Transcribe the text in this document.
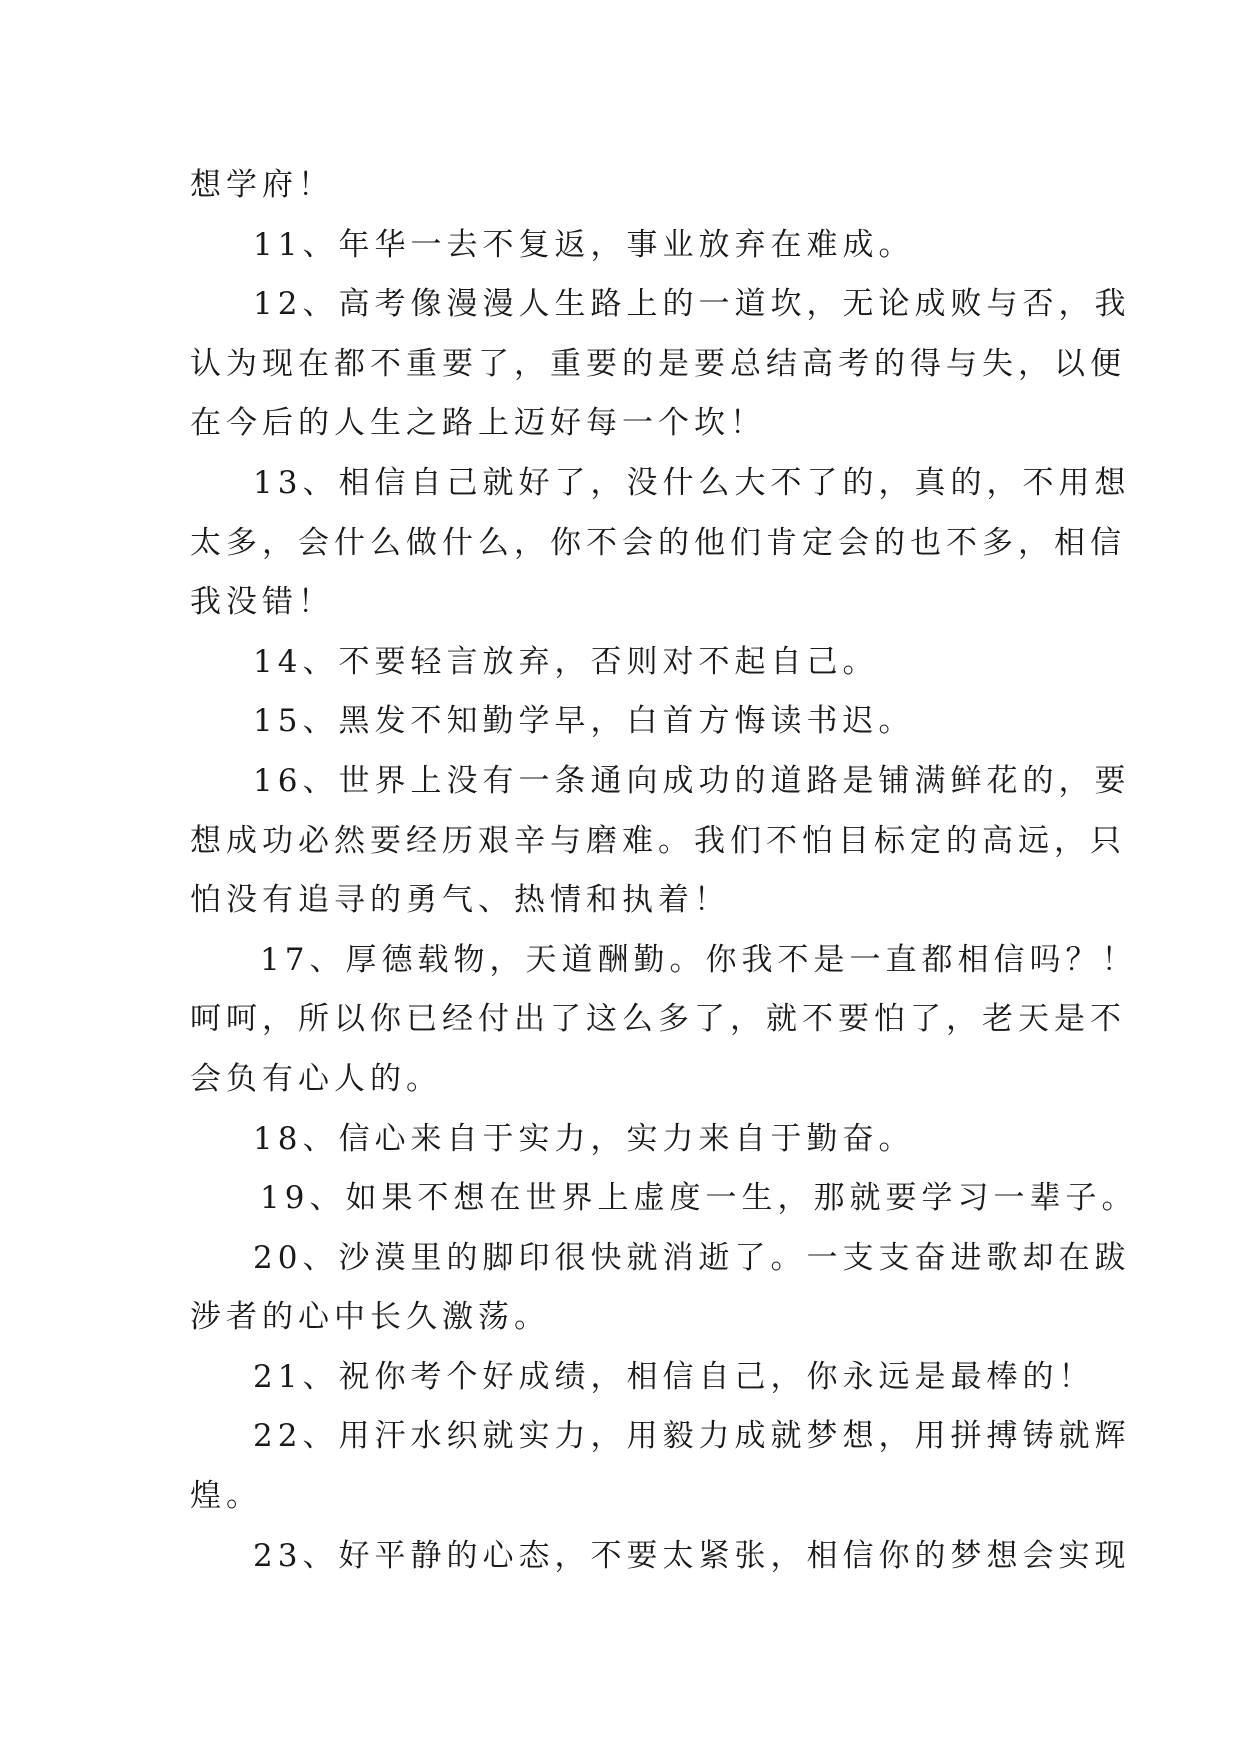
想学府！
11、年华一去不复返，事业放弃在难成。
12、高考像漫漫人生路上的一道坎，无论成败与否，我
认为现在都不重要了，重要的是要总结高考的得与失，以便
在今后的人生之路上迈好每一个坎！
13、相信自己就好了，没什么大不了的，真的，不用想
太多，会什么做什么，你不会的他们肯定会的也不多，相信
我没错！
14、不要轻言放弃，否则对不起自己。
15、黑发不知勤学早，白首方悔读书迟。
16、世界上没有一条通向成功的道路是铺满鲜花的，要
想成功必然要经历艰辛与磨难。我们不怕目标定的高远，只
怕没有追寻的勇气、热情和执着！
17、厚德载物，天道酬勤。你我不是一直都相信吗？！
呵呵，所以你已经付出了这么多了，就不要怕了，老天是不
会负有心人的。
18、信心来自于实力，实力来自于勤奋。
19、如果不想在世界上虚度一生，那就要学习一辈子。
20、沙漠里的脚印很快就消逝了。一支支奋进歌却在跋
涉者的心中长久激荡。
21、祝你考个好成绩，相信自己，你永远是最棒的！
22、用汗水织就实力，用毅力成就梦想，用拼搏铸就辉
煌。
23、好平静的心态，不要太紧张，相信你的梦想会实现
